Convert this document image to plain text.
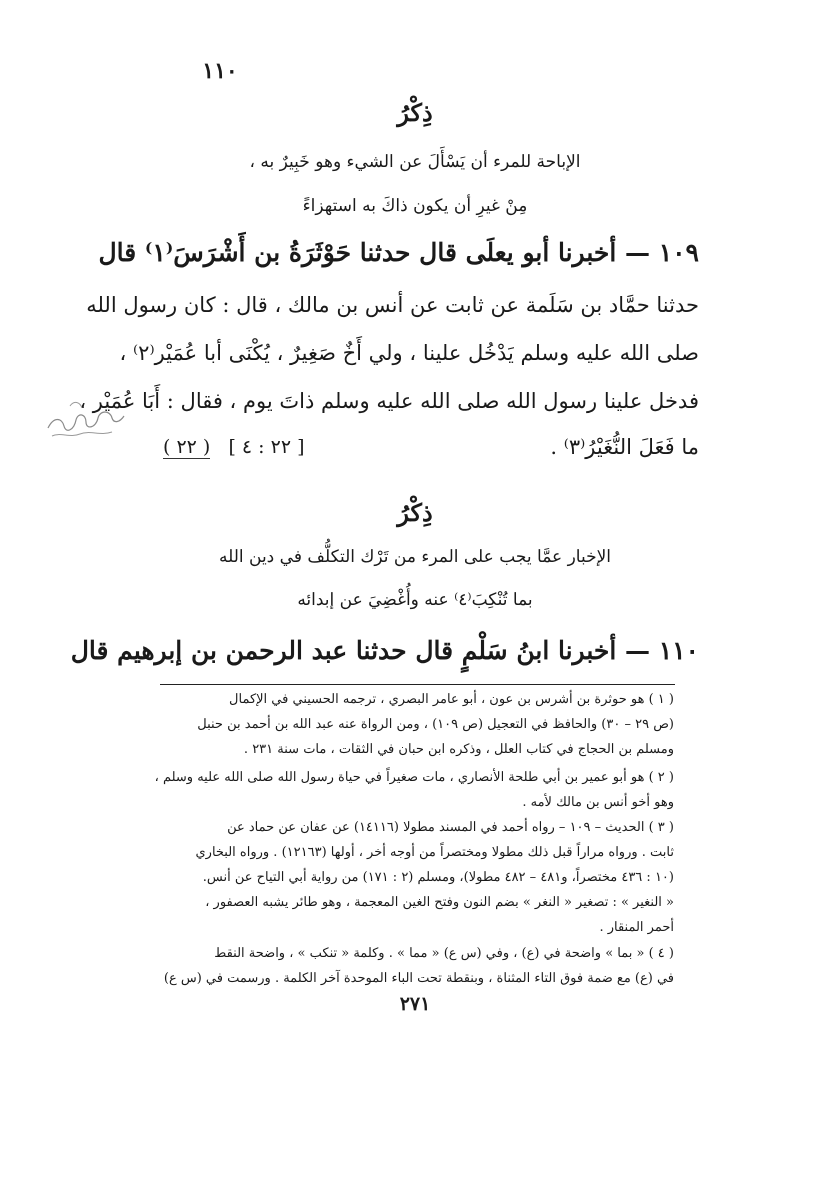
١١٠
ذِكْرُ
الإباحة للمرء أن يَسْأَلَ عن الشيء وهو خَبِيرٌ به ،
مِنْ غيرِ أن يكون ذاكَ به استهزاءً
١٠٩ — أخبرنا أبو يعلَى قال حدثنا حَوْثَرَةُ بن أَشْرَسَ⁽١⁾ قال
حدثنا حمَّاد بن سَلَمة عن ثابت عن أنس بن مالك ، قال : كان رسول الله
صلى الله عليه وسلم يَدْخُل علينا ، ولي أَخٌ صَغِيرٌ ، يُكْنَى أبا عُمَيْر⁽٢⁾ ،
فدخل علينا رسول الله صلى الله عليه وسلم ذاتَ يوم ، فقال : أَبَا عُمَيْر ،
ما فَعَلَ النُّغَيْرُ⁽٣⁾ .
[ ٢٢ : ٤ ]   ( ٢٢ )
ذِكْرُ
الإخبار عمَّا يجب على المرء من تَرْك التكلُّف في دين الله
بما تُنْكِبَ⁽٤⁾ عنه وأُغْضِيَ عن إبدائه
١١٠ — أخبرنا ابنُ سَلْمٍ قال حدثنا عبد الرحمن بن إبرهيم قال
( ١ ) هو حوثرة بن أشرس بن عون ، أبو عامر البصري ، ترجمه الحسيني في الإكمال
(ص ٢٩ – ٣٠) والحافظ في التعجيل (ص ١٠٩) ، ومن الرواة عنه عبد الله بن أحمد بن حنبل
ومسلم بن الحجاج في كتاب العلل ، وذكره ابن حبان في الثقات ، مات سنة ٢٣١ .
( ٢ ) هو أبو عمير بن أبي طلحة الأنصاري ، مات صغيراً في حياة رسول الله صلى الله عليه وسلم ،
وهو أخو أنس بن مالك لأمه .
( ٣ ) الحديث – ١٠٩ – رواه أحمد في المسند مطولا (١٤١١٦) عن عفان عن حماد عن
ثابت . ورواه مراراً قبل ذلك مطولا ومختصراً من أوجه أخر ، أولها (١٢١٦٣) . ورواه البخاري
(١٠ : ٤٣٦ مختصراً، و٤٨١ – ٤٨٢ مطولا)، ومسلم (٢ : ١٧١) من رواية أبي التياح عن أنس.
« النغير » : تصغير « النغر » بضم النون وفتح الغين المعجمة ، وهو طائر يشبه العصفور ،
أحمر المنقار .
( ٤ ) « بما » واضحة في (ع) ، وفي (س ع) « مما » . وكلمة « تنكب » ، واضحة النقط
في (ع) مع ضمة فوق التاء المثناة ، وبنقطة تحت الباء الموحدة آخر الكلمة . ورسمت في (س ع)
٢٧١
